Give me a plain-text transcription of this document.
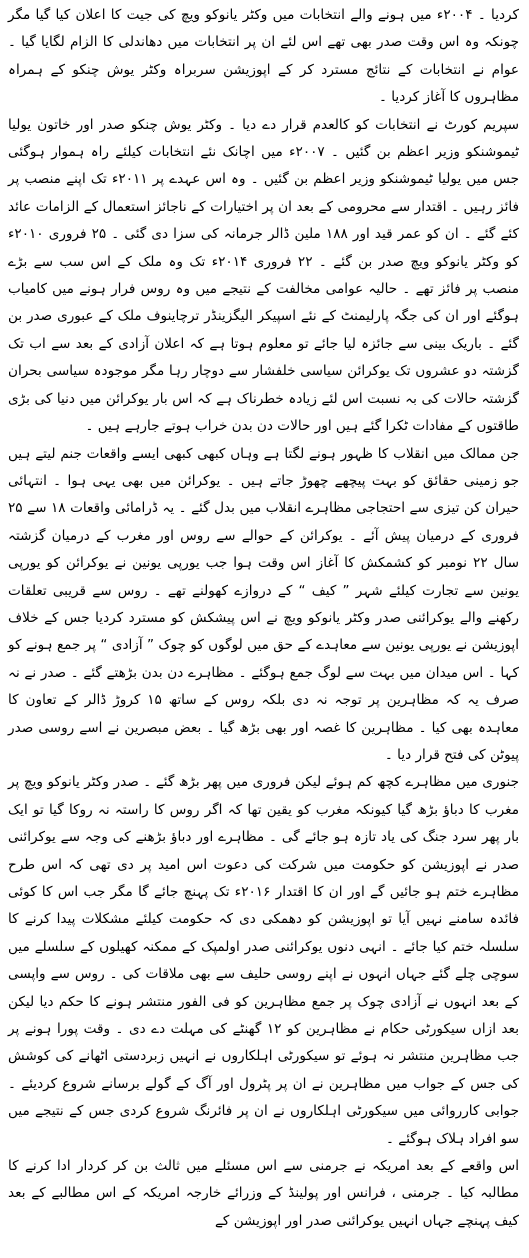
کردیا ۔ ۲۰۰۴ء میں ہونے والے انتخابات میں وکٹر یانوکو ویچ کی جیت کا اعلان کیا گیا مگر چونکہ وہ اس وقت صدر بھی تھے اس لئے ان پر انتخابات میں دھاندلی کا الزام لگایا گیا ۔ عوام نے انتخابات کے نتائج مسترد کر کے اپوزیشن سربراہ وکٹر یوش چنکو کے ہمراہ مظاہروں کا آغاز کردیا ۔

سپریم کورٹ نے انتخابات کو کالعدم قرار دے دیا ۔ وکٹر یوش چنکو صدر اور خاتون یولیا ٹیموشنکو وزیر اعظم بن گئیں ۔ ۲۰۰۷ء میں اچانک نئے انتخابات کیلئے راہ ہموار ہوگئی جس میں یولیا ٹیموشنکو وزیر اعظم بن گئیں ۔ وہ اس عہدے پر ۲۰۱۱ء تک اپنے منصب پر فائز رہیں ۔ اقتدار سے محرومی کے بعد ان پر اختیارات کے ناجائز استعمال کے الزامات عائد کئے گئے ۔ ان کو عمر قید اور ۱۸۸ ملین ڈالر جرمانہ کی سزا دی گئی ۔ ۲۵ فروری ۲۰۱۰ء کو وکٹر یانوکو ویچ صدر بن گئے ۔ ۲۲ فروری ۲۰۱۴ء تک وہ ملک کے اس سب سے بڑے منصب پر فائز تھے ۔ حالیہ عوامی مخالفت کے نتیجے میں وہ روس فرار ہونے میں کامیاب ہوگئے اور ان کی جگہ پارلیمنٹ کے نئے اسپیکر الیگزینڈر ترچاینوف ملک کے عبوری صدر بن گئے ۔ باریک بینی سے جائزہ لیا جائے تو معلوم ہوتا ہے کہ اعلان آزادی کے بعد سے اب تک گزشتہ دو عشروں تک یوکرائن سیاسی خلفشار سے دوچار رہا مگر موجودہ سیاسی بحران گزشتہ حالات کی بہ نسبت اس لئے زیادہ خطرناک ہے کہ اس بار یوکرائن میں دنیا کی بڑی طاقتوں کے مفادات ٹکرا گئے ہیں اور حالات دن بدن خراب ہوتے جارہے ہیں ۔

جن ممالک میں انقلاب کا ظہور ہونے لگتا ہے وہاں کبھی کبھی ایسے واقعات جنم لیتے ہیں جو زمینی حقائق کو بہت پیچھے چھوڑ جاتے ہیں ۔ یوکرائن میں بھی یہی ہوا ۔ انتہائی حیران کن تیزی سے احتجاجی مظاہرے انقلاب میں بدل گئے ۔ یہ ڈرامائی واقعات ۱۸ سے ۲۵ فروری کے درمیان پیش آئے ۔ یوکرائن کے حوالے سے روس اور مغرب کے درمیان گزشتہ سال ۲۲ نومبر کو کشمکش کا آغاز اس وقت ہوا جب یورپی یونین نے یوکرائن کو یورپی یونین سے تجارت کیلئے شہر ” کیف “ کے دروازے کھولنے تھے ۔ روس سے قریبی تعلقات رکھنے والے یوکرائنی صدر وکٹر یانوکو ویچ نے اس پیشکش کو مسترد کردیا جس کے خلاف اپوزیشن نے یورپی یونین سے معاہدے کے حق میں لوگوں کو چوک ” آزادی “ پر جمع ہونے کو کہا ۔ اس میدان میں بہت سے لوگ جمع ہوگئے ۔ مظاہرے دن بدن بڑھتے گئے ۔ صدر نے نہ صرف یہ کہ مظاہرین پر توجہ نہ دی بلکہ روس کے ساتھ ۱۵ کروڑ ڈالر کے تعاون کا معاہدہ بھی کیا ۔ مظاہرین کا غصہ اور بھی بڑھ گیا ۔ بعض مبصرین نے اسے روسی صدر پیوٹن کی فتح قرار دیا ۔

جنوری میں مظاہرے کچھ کم ہوئے لیکن فروری میں پھر بڑھ گئے ۔ صدر وکٹر یانوکو ویچ پر مغرب کا دباؤ بڑھ گیا کیونکہ مغرب کو یقین تھا کہ اگر روس کا راستہ نہ روکا گیا تو ایک بار پھر سرد جنگ کی یاد تازہ ہو جائے گی ۔ مظاہرے اور دباؤ بڑھنے کی وجہ سے یوکرائنی صدر نے اپوزیشن کو حکومت میں شرکت کی دعوت اس امید پر دی تھی کہ اس طرح مظاہرے ختم ہو جائیں گے اور ان کا اقتدار ۲۰۱۶ء تک پہنچ جائے گا مگر جب اس کا کوئی فائدہ سامنے نہیں آیا تو اپوزیشن کو دھمکی دی کہ حکومت کیلئے مشکلات پیدا کرنے کا سلسلہ ختم کیا جائے ۔ انہی دنوں یوکرائنی صدر اولمپک کے ممکنہ کھیلوں کے سلسلے میں سوچی چلے گئے جہاں انہوں نے اپنے روسی حلیف سے بھی ملاقات کی ۔ روس سے واپسی کے بعد انہوں نے آزادی چوک پر جمع مظاہرین کو فی الفور منتشر ہونے کا حکم دیا لیکن بعد ازاں سیکورٹی حکام نے مظاہرین کو ۱۲ گھنٹے کی مہلت دے دی ۔ وقت پورا ہونے پر جب مظاہرین منتشر نہ ہوئے تو سیکورٹی اہلکاروں نے انہیں زبردستی اٹھانے کی کوشش کی جس کے جواب میں مظاہرین نے ان پر پٹرول اور آگ کے گولے برسانے شروع کردیئے ۔ جوابی کارروائی میں سیکورٹی اہلکاروں نے ان پر فائرنگ شروع کردی جس کے نتیجے میں سو افراد ہلاک ہوگئے ۔

اس واقعے کے بعد امریکہ نے جرمنی سے اس مسئلے میں ثالث بن کر کردار ادا کرنے کا مطالبہ کیا ۔ جرمنی ، فرانس اور پولینڈ کے وزرائے خارجہ امریکہ کے اس مطالبے کے بعد کیف پہنچے جہاں انہیں یوکرائنی صدر اور اپوزیشن کے
